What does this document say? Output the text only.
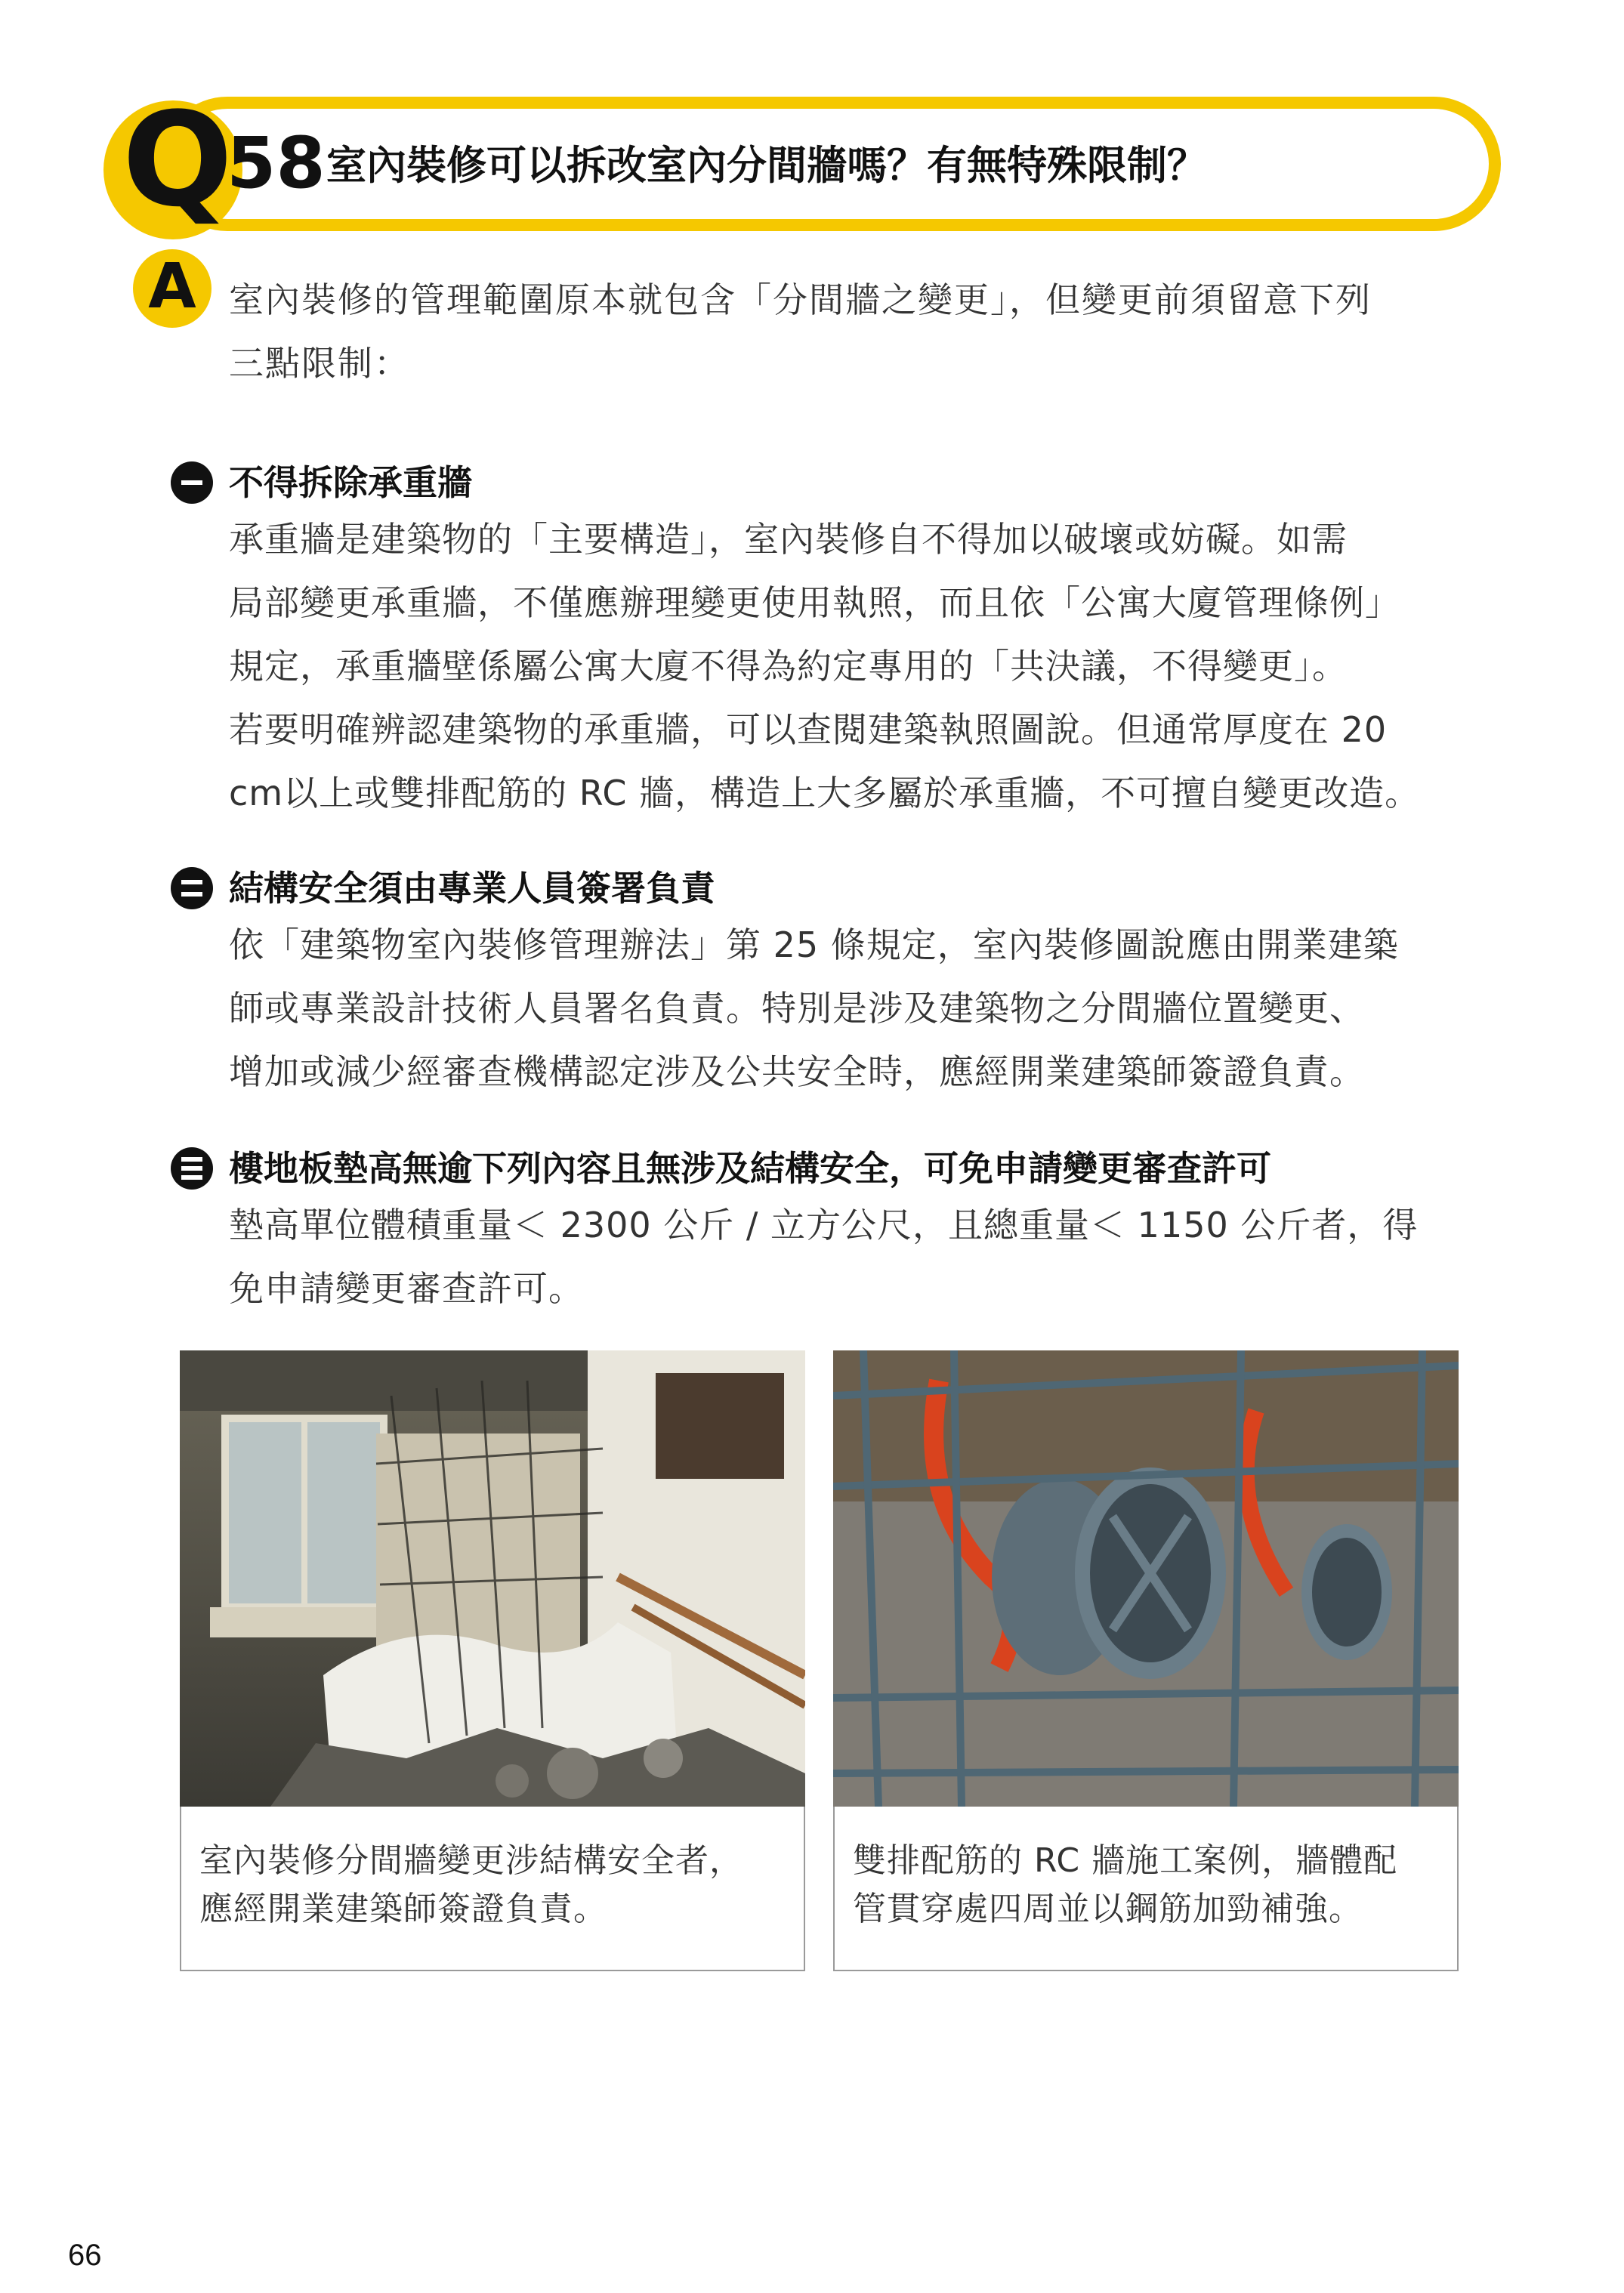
Q
58 室內裝修可以拆改室內分間牆嗎？有無特殊限制？
A 室內裝修的管理範圍原本就包含「分間牆之變更」，但變更前須留意下列

三點限制：

不得拆除承重牆

承重牆是建築物的「主要構造」，室內裝修自不得加以破壞或妨礙。如需

局部變更承重牆，不僅應辦理變更使用執照，而且依「公寓大廈管理條例」

規定，承重牆壁係屬公寓大廈不得為約定專用的「共決議，不得變更」。

若要明確辨認建築物的承重牆，可以查閱建築執照圖說。但通常厚度在 20

cm以上或雙排配筋的 RC 牆，構造上大多屬於承重牆，不可擅自變更改造。

結構安全須由專業人員簽署負責

依「建築物室內裝修管理辦法」第 25 條規定，室內裝修圖說應由開業建築

師或專業設計技術人員署名負責。特別是涉及建築物之分間牆位置變更、

增加或減少經審查機構認定涉及公共安全時，應經開業建築師簽證負責。

樓地板墊高無逾下列內容且無涉及結構安全，可免申請變更審查許可

墊高單位體積重量＜ 2300 公斤 / 立方公尺，且總重量＜ 1150 公斤者，得

免申請變更審查許可。

室內裝修分間牆變更涉結構安全者，

應經開業建築師簽證負責。

雙排配筋的 RC 牆施工案例，牆體配

管貫穿處四周並以鋼筋加勁補強。

66
